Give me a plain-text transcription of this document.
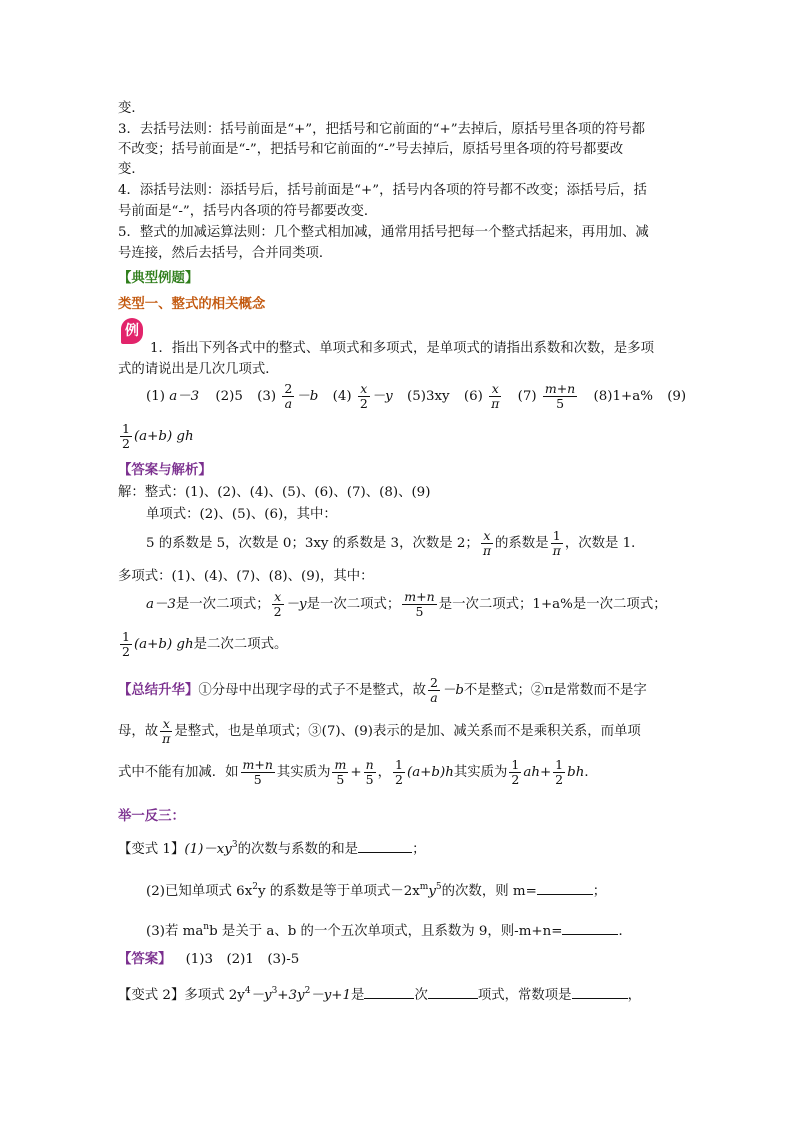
变．
3．去括号法则：括号前面是“+”，把括号和它前面的“+”去掉后，原括号里各项的符号都
不改变；括号前面是“-”，把括号和它前面的“-”号去掉后，原括号里各项的符号都要改
变．
4．添括号法则：添括号后，括号前面是“+”，括号内各项的符号都不改变；添括号后，括
号前面是“-”，括号内各项的符号都要改变．
5．整式的加减运算法则：几个整式相加减，通常用括号把每一个整式括起来，再用加、减
号连接，然后去括号，合并同类项．
【典型例题】
类型一、整式的相关概念
例
1．指出下列各式中的整式、单项式和多项式，是单项式的请指出系数和次数，是多项
式的请说出是几次几项式．
(1) a－3 (2)5 $(3) \frac{2}{a} -b$ $(4) \frac{x}{2} -y$ (5)3xy $(6) \frac{x}{\pi} (7) \frac{m+n}{5} (8)1+a\%$ (9)
$\frac{1}{2} (a+b)$ gh
【答案与解析】
解：整式：(1)、(2)、(4)、(5)、(6)、(7)、(8)、(9)
单项式：(2)、(5)、(6)，其中：
5 的系数是 5，次数是 0；3xy 的系数是 3，次数是 2； $\frac{x}{\pi}$ 的系数是 $\frac{1}{\pi}$ ，次数是 1．
多项式：(1)、(4)、(7)、(8)、(9)，其中：
a－3是一次二项式； $\frac{x}{2} -y$是一次二项式； $\frac{m+n}{5}$ 是一次二项式；1+a%是一次二项式；
$\frac{1}{2} (a+b)$ gh是二次二项式。
【总结升华】①分母中出现字母的式子不是整式，故 $\frac{2}{a} -b$不是整式；②π是常数而不是字
母，故 $\frac{x}{\pi}$ 是整式，也是单项式；③(7)、(9)表示的是加、减关系而不是乘积关系，而单项
式中不能有加减．如 $\frac{m+n}{5}$ 其实质为 $\frac{m}{5} + \frac{n}{5}$ ， $\frac{1}{2} (a+b)h$其实质为 $\frac{1}{2} ah+ \frac{1}{2}$ bh．
举一反三：
【变式 1】$(1)-xy^3$的次数与系数的和是	；
(2)已知单项式 $6x^2y$ 的系数是等于单项式$-2x^my^5$的次数，则 m=	；
(3)若 $ma^nb$ 是关于 a、b 的一个五次单项式，且系数为 9，则-m+n=	．
【答案】 (1)3　(2)1　(3)-5
【变式 2】多项式 $2y^4-y^3+3y^2-y+1$是	次	项式，常数项是	，
